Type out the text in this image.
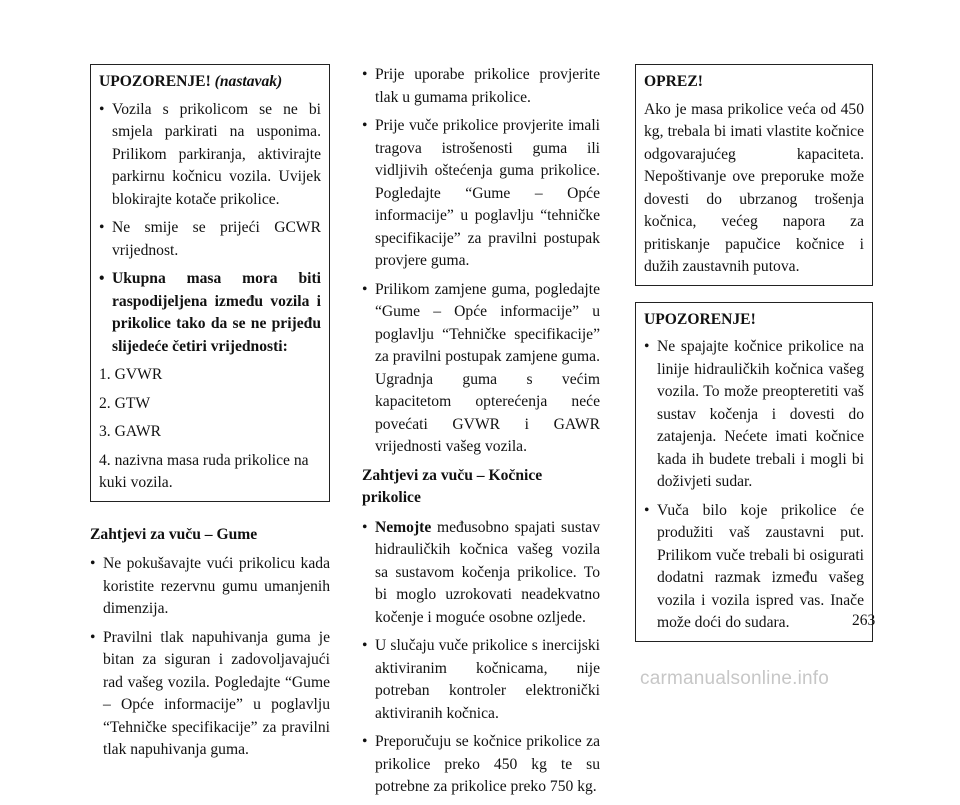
UPOZORENJE! (nastavak)
• Vozila s prikolicom se ne bi smjela parkirati na usponima. Prilikom parkiranja, aktivirajte parkirnu kočnicu vozila. Uvijek blokirajte kotače prikolice.
• Ne smije se prijeći GCWR vrijednost.
• Ukupna masa mora biti raspodijeljena između vozila i prikolice tako da se ne prijeđu slijedeće četiri vrijednosti:
1. GVWR
2. GTW
3. GAWR
4. nazivna masa ruda prikolice na kuki vozila.
Zahtjevi za vuču – Gume
• Ne pokušavajte vući prikolicu kada koristite rezervnu gumu umanjenih dimenzija.
• Pravilni tlak napuhivanja guma je bitan za siguran i zadovoljavajući rad vašeg vozila. Pogledajte “Gume – Opće informacije” u poglavlju “Tehničke specifikacije” za pravilni tlak napuhivanja guma.
• Prije uporabe prikolice provjerite tlak u gumama prikolice.
• Prije vuče prikolice provjerite imali tragova istrošenosti guma ili vidljivih oštećenja guma prikolice. Pogledajte “Gume – Opće informacije” u poglavlju “tehničke specifikacije” za pravilni postupak provjere guma.
• Prilikom zamjene guma, pogledajte “Gume – Opće informacije” u poglavlju “Tehničke specifikacije” za pravilni postupak zamjene guma. Ugradnja guma s većim kapacitetom opterećenja neće povećati GVWR i GAWR vrijednosti vašeg vozila.
Zahtjevi za vuču – Kočnice prikolice
• Nemojte međusobno spajati sustav hidrauličkih kočnica vašeg vozila sa sustavom kočenja prikolice. To bi moglo uzrokovati neadekvatno kočenje i moguće osobne ozljede.
• U slučaju vuče prikolice s inercijski aktiviranim kočnicama, nije potreban kontroler elektronički aktiviranih kočnica.
• Preporučuju se kočnice prikolice za prikolice preko 450 kg te su potrebne za prikolice preko 750 kg.
OPREZ!
Ako je masa prikolice veća od 450 kg, trebala bi imati vlastite kočnice odgovarajućeg kapaciteta. Nepoštivanje ove preporuke može dovesti do ubrzanog trošenja kočnica, većeg napora za pritiskanje papučice kočnice i dužih zaustavnih putova.
UPOZORENJE!
• Ne spajajte kočnice prikolice na linije hidrauličkih kočnica vašeg vozila. To može preopteretiti vaš sustav kočenja i dovesti do zatajenja. Nećete imati kočnice kada ih budete trebali i mogli bi doživjeti sudar.
• Vuča bilo koje prikolice će produžiti vaš zaustavni put. Prilikom vuče trebali bi osigurati dodatni razmak između vašeg vozila i vozila ispred vas. Inače može doći do sudara.	263
carmanualsonline.info
